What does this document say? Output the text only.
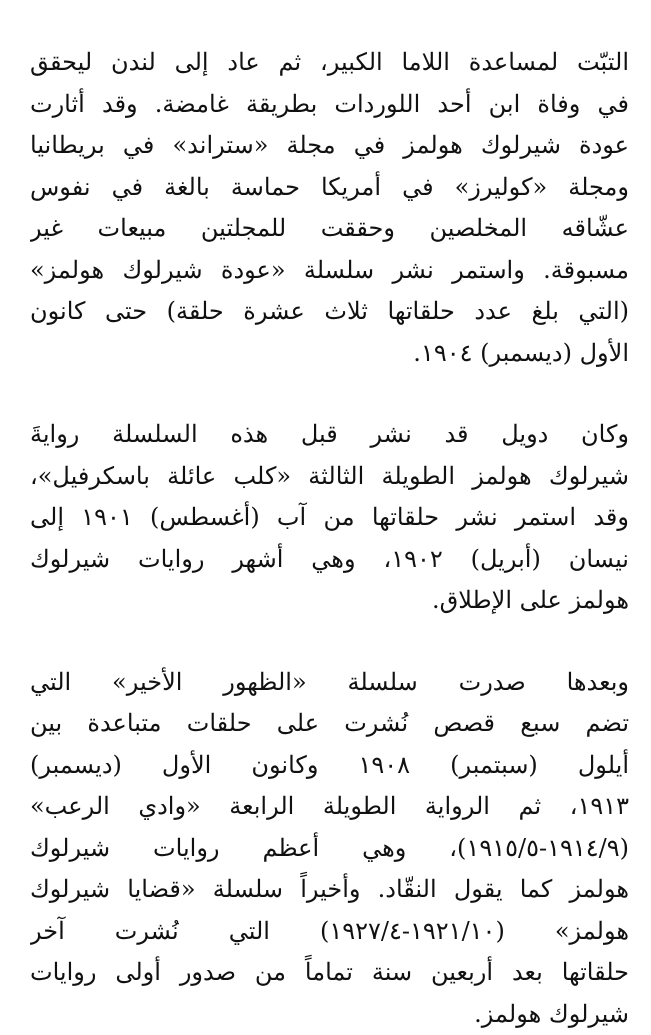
التبّت لمساعدة اللاما الكبير، ثم عاد إلى لندن ليحقق
في وفاة ابن أحد اللوردات بطريقة غامضة. وقد أثارت
عودة شيرلوك هولمز في مجلة «ستراند» في بريطانيا
ومجلة «كوليرز» في أمريكا حماسة بالغة في نفوس
عشّاقه المخلصين وحققت للمجلتين مبيعات غير
مسبوقة. واستمر نشر سلسلة «عودة شيرلوك هولمز»
(التي بلغ عدد حلقاتها ثلاث عشرة حلقة) حتى كانون
الأول (ديسمبر) ١٩٠٤.
وكان دويل قد نشر قبل هذه السلسلة روايةَ
شيرلوك هولمز الطويلة الثالثة «كلب عائلة باسكرفيل»،
وقد استمر نشر حلقاتها من آب (أغسطس) ١٩٠١ إلى
نيسان (أبريل) ١٩٠٢، وهي أشهر روايات شيرلوك
هولمز على الإطلاق.
وبعدها صدرت سلسلة «الظهور الأخير» التي
تضم سبع قصص نُشرت على حلقات متباعدة بين
أيلول (سبتمبر) ١٩٠٨ وكانون الأول (ديسمبر)
١٩١٣، ثم الرواية الطويلة الرابعة «وادي الرعب»
(١٩١٤/٩-١٩١٥/٥)، وهي أعظم روايات شيرلوك
هولمز كما يقول النقّاد. وأخيراً سلسلة «قضايا شيرلوك
هولمز» (١٩٢١/١٠-١٩٢٧/٤) التي نُشرت آخر
حلقاتها بعد أربعين سنة تماماً من صدور أولى روايات
شيرلوك هولمز.
